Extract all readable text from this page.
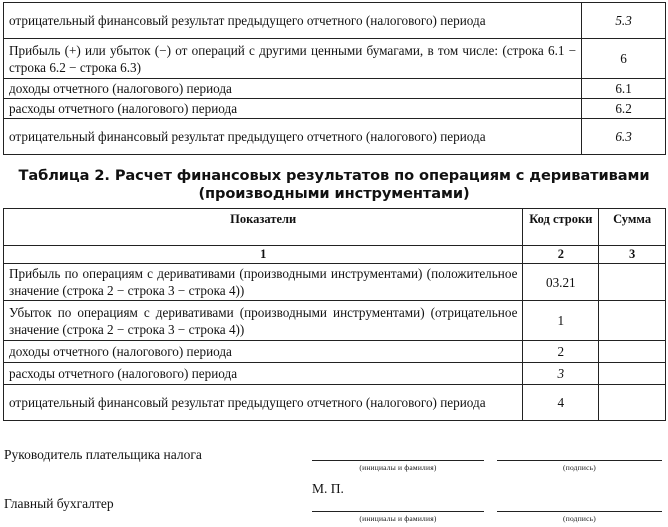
отрицательный финансовый результат предыдущего отчетного (налогового) периода	5.3
Прибыль (+) или убыток (−) от операций с другими ценными бумагами, в том числе: (строка 6.1 − строка 6.2 − строка 6.3)	6
доходы отчетного (налогового) периода	6.1
расходы отчетного (налогового) периода	6.2
отрицательный финансовый результат предыдущего отчетного (налогового) периода	6.3
Таблица 2. Расчет финансовых результатов по операциям с деривативами
(производными инструментами)
Показатели	Код строки	Сумма
1	2	3
Прибыль по операциям с деривативами (производными инструментами) (положительное значение (строка 2 − строка 3 − строка 4))	03.21	
Убыток по операциям с деривативами (производными инструментами) (отрицательное значение (строка 2 − строка 3 − строка 4))	1	
доходы отчетного (налогового) периода	2	
расходы отчетного (налогового) периода	3	
отрицательный финансовый результат предыдущего отчетного (налогового) периода	4	
Руководитель плательщика налога
(инициалы и фамилия)	(подпись)
М. П.
Главный бухгалтер
(инициалы и фамилия)	(подпись)
